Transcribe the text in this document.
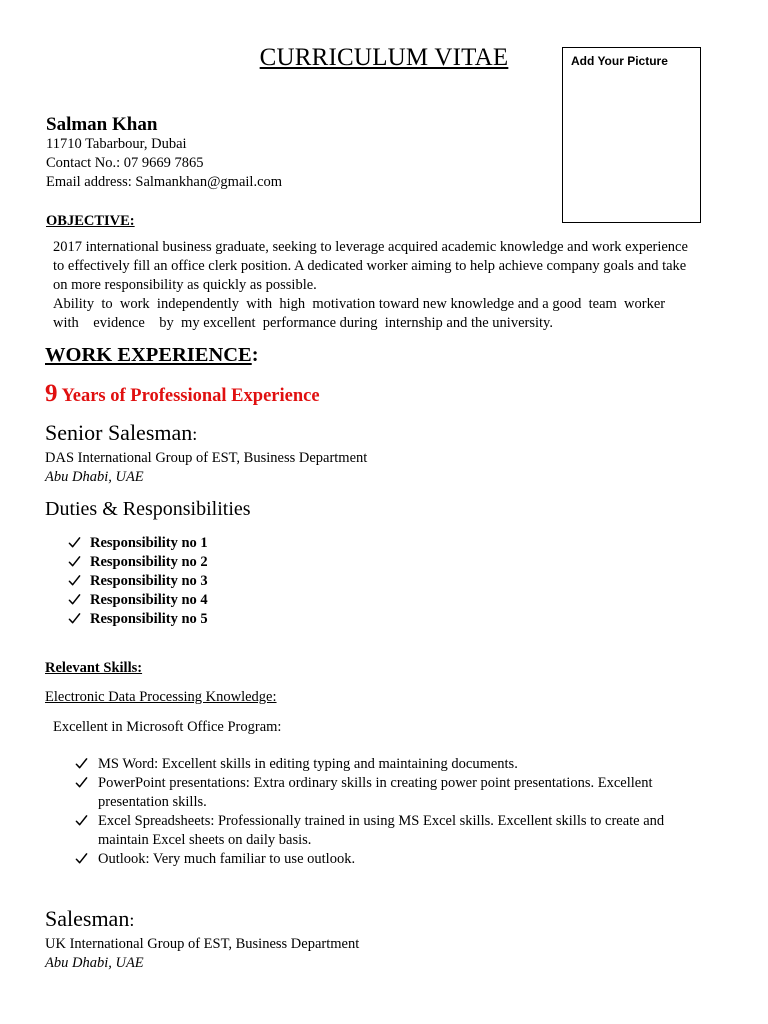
CURRICULUM VITAE	Add Your Picture
Salman Khan
11710 Tabarbour, Dubai
Contact No.: 07 9669 7865
Email address: Salmankhan@gmail.com
OBJECTIVE:
2017 international business graduate, seeking to leverage acquired academic knowledge and work experience
to effectively fill an office clerk position. A dedicated worker aiming to help achieve company goals and take
on more responsibility as quickly as possible.
Ability  to  work  independently  with  high  motivation toward new knowledge and a good  team  worker
with    evidence    by  my excellent  performance during  internship and the university.
WORK EXPERIENCE:
9 Years of Professional Experience
Senior Salesman:
DAS International Group of EST, Business Department
Abu Dhabi, UAE
Duties & Responsibilities
Responsibility no 1
Responsibility no 2
Responsibility no 3
Responsibility no 4
Responsibility no 5
Relevant Skills:
Electronic Data Processing Knowledge:
Excellent in Microsoft Office Program:
MS Word: Excellent skills in editing typing and maintaining documents.
PowerPoint presentations: Extra ordinary skills in creating power point presentations. Excellent
presentation skills.
Excel Spreadsheets: Professionally trained in using MS Excel skills. Excellent skills to create and
maintain Excel sheets on daily basis.
Outlook: Very much familiar to use outlook.
Salesman:
UK International Group of EST, Business Department
Abu Dhabi, UAE
